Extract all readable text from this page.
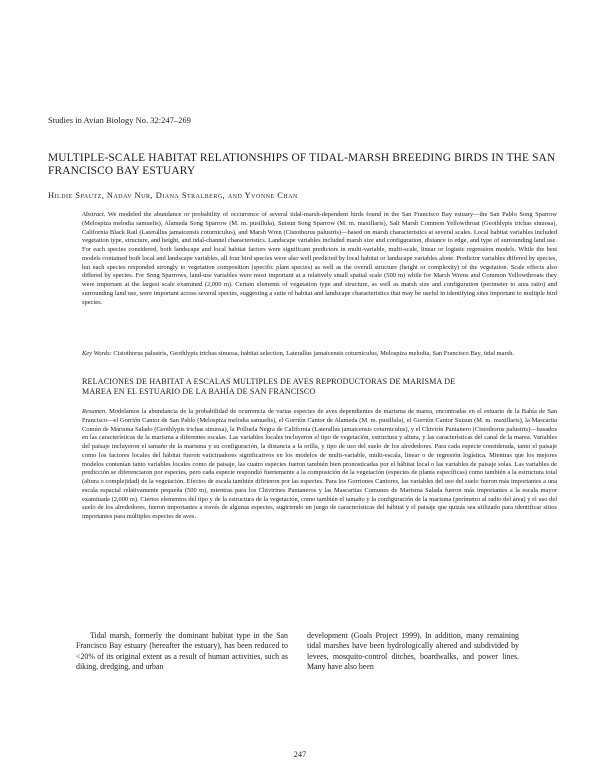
Studies in Avian Biology No. 32:247–269
MULTIPLE-SCALE HABITAT RELATIONSHIPS OF TIDAL-MARSH BREEDING BIRDS IN THE SAN FRANCISCO BAY ESTUARY
Hildie Spautz, Nadav Nur, Diana Stralberg, and Yvonne Chan

Abstract. We modeled the abundance or probability of occurrence of several tidal-marsh-dependent birds found in the San Francisco Bay estuary—the San Pablo Song Sparrow (Melospiza melodia samuelis), Alameda Song Sparrow (M. m. pusillula), Suisun Song Sparrow (M. m. maxillaris), Salt Marsh Common Yellowthroat (Geothlypis trichas sinuosa), California Black Rail (Laterallus jamaicensis coturniculus), and Marsh Wren (Cistothorus palustris)—based on marsh characteristics at several scales. Local habitat variables included vegetation type, structure, and height, and tidal-channel characteristics. Landscape variables included marsh size and configuration, distance to edge, and type of surrounding land use. For each species considered, both landscape and local habitat factors were significant predictors in multi-variable, multi-scale, linear or logistic regression models. While the best models contained both local and landscape variables, all four bird species were also well predicted by local habitat or landscape variables alone. Predictor variables differed by species, but each species responded strongly to vegetation composition (specific plant species) as well as the overall structure (height or complexity) of the vegetation. Scale effects also differed by species. For Song Sparrows, land-use variables were most important at a relatively small spatial scale (500 m) while for Marsh Wrens and Common Yellowthroats they were important at the largest scale examined (2,000 m). Certain elements of vegetation type and structure, as well as marsh size and configuration (perimeter to area ratio) and surrounding land use, were important across several species, suggesting a suite of habitat and landscape characteristics that may be useful in identifying sites important to multiple bird species.

Key Words: Cistothorus palustris, Geothlypis trichas sinuosa, habitat selection, Laterallus jamaicensis coturniculus, Melospiza melodia, San Francisco Bay, tidal marsh.

RELACIONES DE HABITAT A ESCALAS MULTIPLES DE AVES REPRODUCTORAS DE MARISMA DE MAREA EN EL ESTUARIO DE LA BAHÍA DE SAN FRANCISCO

Resumen. Modelamos la abundancia de la probabilidad de ocurrencia de varias especies de aves dependientes de marisma de marea, encontradas en el estuario de la Bahía de San Francisco—el Gorrión Cantor de San Pablo (Melospiza melodia samuelis), el Gorrión Cantor de Alameda (M. m. pusillula), el Gorrión Cantor Suisun (M. m. maxillaris), la Mascarita Común de Marisma Salado (Geothlypis trichas sinuosa), la Polluela Negra de California (Laterallus jamaicensis coturniculus), y el Chivirín Pantanero (Cistothorus palustris)—basados en las características de la marisma a diferentes escalas. Las variables locales incluyeron el tipo de vegetación, estructura y altura, y las características del canal de la marea. Variables del paisaje incluyeron el tamaño de la marisma y su configuración, la distancia a la orilla, y tipo de uso del suelo de los alrededores. Para cada especie considerada, tanto el paisaje como los factores locales del hábitat fueron vaticinadores significativos en los modelos de multi-variable, multi-escala, linear o de regresión logística. Mientras que los mejores modelos contenían tanto variables locales como de paisaje, las cuatro especies fueron también bien pronosticadas por el hábitat local o las variables de paisaje solas. Las variables de predicción se diferenciaron por especies, pero cada especie respondió fuertemente a la composición de la vegetación (especies de planta específicas) como también a la estructura total (altura o complejidad) de la vegetación. Efectos de escala también difirieron por las especies. Para los Gorriones Cantores, las variables del uso del suelo fueron más importantes a una escala espacial relativamente pequeña (500 m), mientras para los Chivirines Pantaneros y las Mascaritas Comunes de Marisma Salada fueron más importantes a la escala mayor examinada (2,000 m). Ciertos elementos del tipo y de la estructura de la vegetación, como también el tamaño y la configuración de la marisma (perímetro al radio del área) y el uso del suelo de los alrededores, fueron importantes a través de algunas especies, sugiriendo un juego de características del hábitat y el paisaje que quizás sea utilizado para identificar sitios importantes para múltiples especies de aves.

Tidal marsh, formerly the dominant habitat type in the San Francisco Bay estuary (hereafter the estuary), has been reduced to <20% of its original extent as a result of human activities, such as diking, dredging, and urban

development (Goals Project 1999). In addition, many remaining tidal marshes have been hydrologically altered and subdivided by levees, mosquito-control ditches, boardwalks, and power lines. Many have also been

247
